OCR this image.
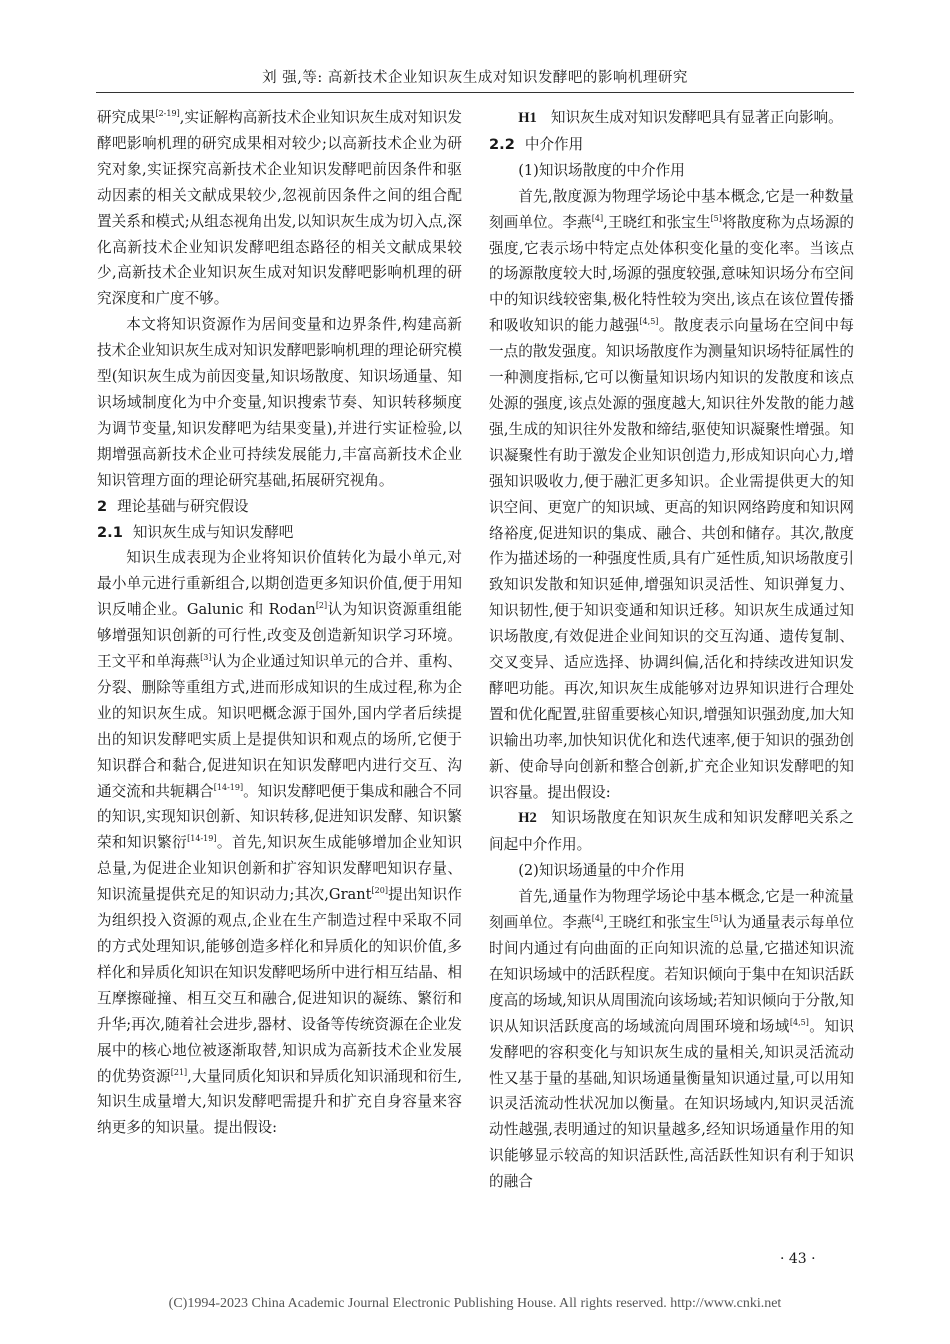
刘 强,等: 高新技术企业知识灰生成对知识发酵吧的影响机理研究

研究成果[2-19],实证解构高新技术企业知识灰生成对知识发酵吧影响机理的研究成果相对较少;以高新技术企业为研究对象,实证探究高新技术企业知识发酵吧前因条件和驱动因素的相关文献成果较少,忽视前因条件之间的组合配置关系和模式;从组态视角出发,以知识灰生成为切入点,深化高新技术企业知识发酵吧组态路径的相关文献成果较少,高新技术企业知识灰生成对知识发酵吧影响机理的研究深度和广度不够。

本文将知识资源作为居间变量和边界条件,构建高新技术企业知识灰生成对知识发酵吧影响机理的理论研究模型(知识灰生成为前因变量,知识场散度、知识场通量、知识场域制度化为中介变量,知识搜索节奏、知识转移频度为调节变量,知识发酵吧为结果变量),并进行实证检验,以期增强高新技术企业可持续发展能力,丰富高新技术企业知识管理方面的理论研究基础,拓展研究视角。

2 理论基础与研究假设
2.1 知识灰生成与知识发酵吧

知识生成表现为企业将知识价值转化为最小单元,对最小单元进行重新组合,以期创造更多知识价值,便于用知识反哺企业。Galunic 和 Rodan[2]认为知识资源重组能够增强知识创新的可行性,改变及创造新知识学习环境。王文平和单海燕[3]认为企业通过知识单元的合并、重构、分裂、删除等重组方式,进而形成知识的生成过程,称为企业的知识灰生成。知识吧概念源于国外,国内学者后续提出的知识发酵吧实质上是提供知识和观点的场所,它便于知识群合和黏合,促进知识在知识发酵吧内进行交互、沟通交流和共轭耦合[14-19]。知识发酵吧便于集成和融合不同的知识,实现知识创新、知识转移,促进知识发酵、知识繁荣和知识繁衍[14-19]。首先,知识灰生成能够增加企业知识总量,为促进企业知识创新和扩容知识发酵吧知识存量、知识流量提供充足的知识动力;其次,Grant[20]提出知识作为组织投入资源的观点,企业在生产制造过程中采取不同的方式处理知识,能够创造多样化和异质化的知识价值,多样化和异质化知识在知识发酵吧场所中进行相互结晶、相互摩擦碰撞、相互交互和融合,促进知识的凝练、繁衍和升华;再次,随着社会进步,器材、设备等传统资源在企业发展中的核心地位被逐渐取替,知识成为高新技术企业发展的优势资源[21],大量同质化知识和异质化知识涌现和衍生,知识生成量增大,知识发酵吧需提升和扩充自身容量来容纳更多的知识量。提出假设:

H1 知识灰生成对知识发酵吧具有显著正向影响。

2.2 中介作用

(1)知识场散度的中介作用

首先,散度源为物理学场论中基本概念,它是一种数量刻画单位。李燕[4],王晓红和张宝生[5]将散度称为点场源的强度,它表示场中特定点处体积变化量的变化率。当该点的场源散度较大时,场源的强度较强,意味知识场分布空间中的知识线较密集,极化特性较为突出,该点在该位置传播和吸收知识的能力越强[4,5]。散度表示向量场在空间中每一点的散发强度。知识场散度作为测量知识场特征属性的一种测度指标,它可以衡量知识场内知识的发散度和该点处源的强度,该点处源的强度越大,知识往外发散的能力越强,生成的知识往外发散和缔结,驱使知识凝聚性增强。知识凝聚性有助于激发企业知识创造力,形成知识向心力,增强知识吸收力,便于融汇更多知识。企业需提供更大的知识空间、更宽广的知识域、更高的知识网络跨度和知识网络裕度,促进知识的集成、融合、共创和储存。其次,散度作为描述场的一种强度性质,具有广延性质,知识场散度引致知识发散和知识延伸,增强知识灵活性、知识弹复力、知识韧性,便于知识变通和知识迁移。知识灰生成通过知识场散度,有效促进企业间知识的交互沟通、遗传复制、交叉变异、适应选择、协调纠偏,活化和持续改进知识发酵吧功能。再次,知识灰生成能够对边界知识进行合理处置和优化配置,驻留重要核心知识,增强知识强劲度,加大知识输出功率,加快知识优化和迭代速率,便于知识的强劲创新、使命导向创新和整合创新,扩充企业知识发酵吧的知识容量。提出假设:

H2 知识场散度在知识灰生成和知识发酵吧关系之间起中介作用。

(2)知识场通量的中介作用

首先,通量作为物理学场论中基本概念,它是一种流量刻画单位。李燕[4],王晓红和张宝生[5]认为通量表示每单位时间内通过有向曲面的正向知识流的总量,它描述知识流在知识场域中的活跃程度。若知识倾向于集中在知识活跃度高的场域,知识从周围流向该场域;若知识倾向于分散,知识从知识活跃度高的场域流向周围环境和场域[4,5]。知识发酵吧的容积变化与知识灰生成的量相关,知识灵活流动性又基于量的基础,知识场通量衡量知识通过量,可以用知识灵活流动性状况加以衡量。在知识场域内,知识灵活流动性越强,表明通过的知识量越多,经知识场通量作用的知识能够显示较高的知识活跃性,高活跃性知识有利于知识的融合

· 43 ·
(C)1994-2023 China Academic Journal Electronic Publishing House. All rights reserved. http://www.cnki.net
